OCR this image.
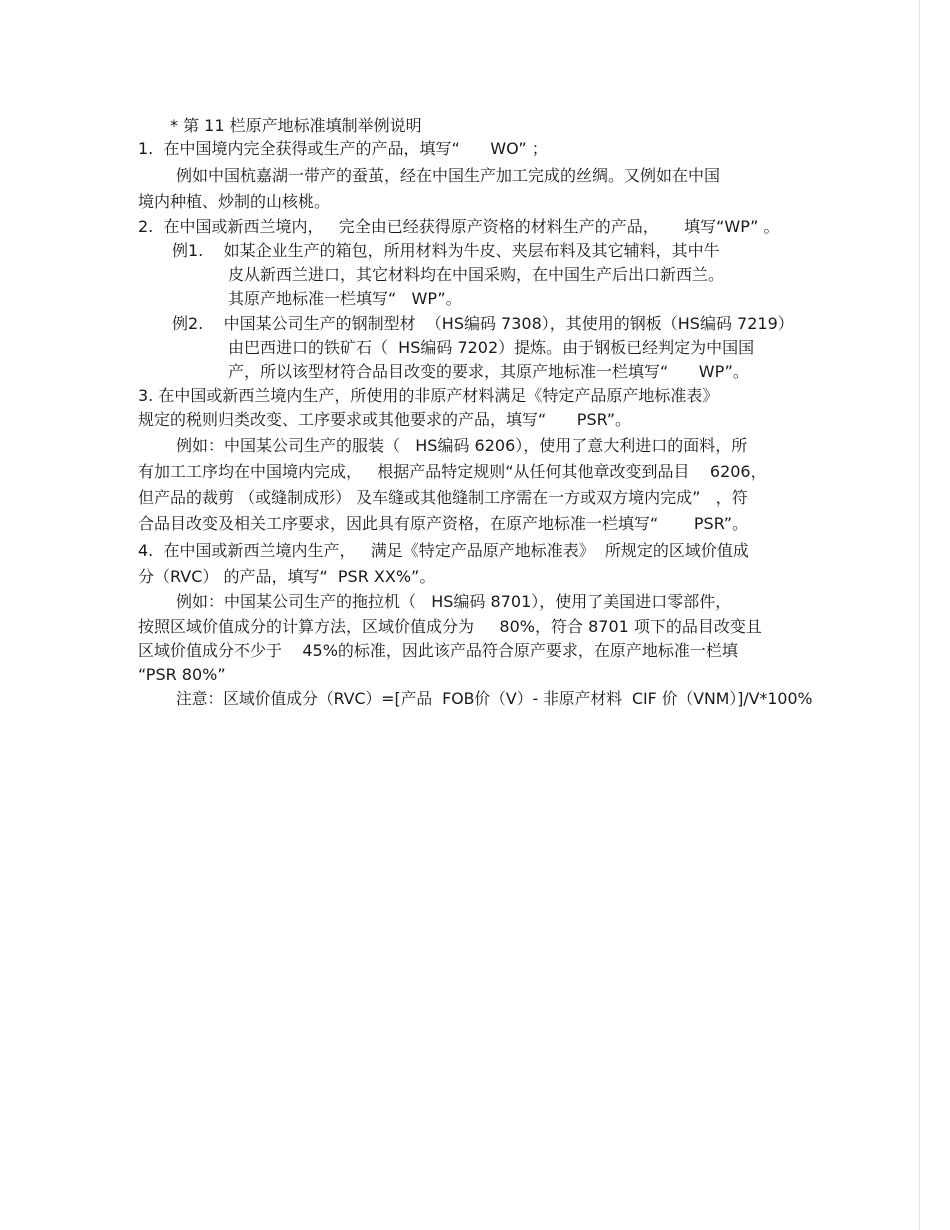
* 第 11 栏原产地标准填制举例说明
1.  在中国境内完全获得或生产的产品，填写“      WO” ；
例如中国杭嘉湖一带产的蚕茧，经在中国生产加工完成的丝绸。又例如在中国
境内种植、炒制的山核桃。
2.  在中国或新西兰境内，   完全由已经获得原产资格的材料生产的产品，     填写“WP” 。
例1.    如某企业生产的箱包，所用材料为牛皮、夹层布料及其它辅料，其中牛
皮从新西兰进口，其它材料均在中国采购，在中国生产后出口新西兰。
其原产地标准一栏填写“   WP”。
例2.    中国某公司生产的钢制型材  （HS编码 7308），其使用的钢板（HS编码 7219）
由巴西进口的铁矿石（  HS编码 7202）提炼。由于钢板已经判定为中国国
产，所以该型材符合品目改变的要求，其原产地标准一栏填写“      WP”。
3. 在中国或新西兰境内生产，所使用的非原产材料满足《特定产品原产地标准表》
规定的税则归类改变、工序要求或其他要求的产品，填写“      PSR”。
例如：中国某公司生产的服装（   HS编码 6206），使用了意大利进口的面料，所
有加工工序均在中国境内完成，   根据产品特定规则“从任何其他章改变到品目    6206，
但产品的裁剪 （或缝制成形） 及车缝或其他缝制工序需在一方或双方境内完成”   ，符
合品目改变及相关工序要求，因此具有原产资格，在原产地标准一栏填写“       PSR”。
4.  在中国或新西兰境内生产，   满足《特定产品原产地标准表》  所规定的区域价值成
分（RVC） 的产品，填写“  PSR XX%”。
例如：中国某公司生产的拖拉机（   HS编码 8701），使用了美国进口零部件，
按照区域价值成分的计算方法，区域价值成分为     80%，符合 8701 项下的品目改变且
区域价值成分不少于    45%的标准，因此该产品符合原产要求，在原产地标准一栏填
“PSR 80%”
注意：区域价值成分（RVC）=[产品  FOB价（V）- 非原产材料  CIF 价（VNM）]/V*100%
